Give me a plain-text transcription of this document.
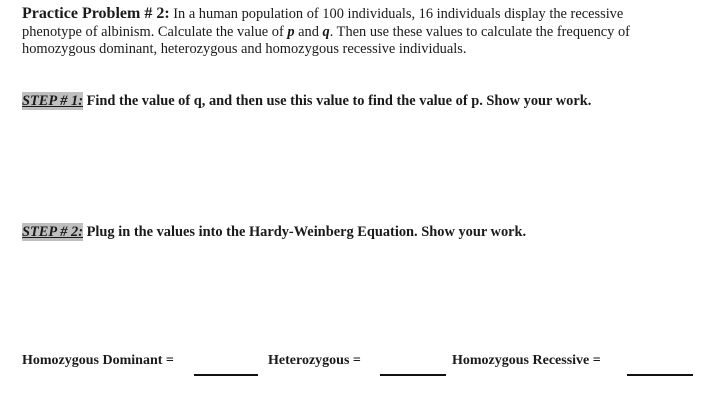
Practice Problem # 2: In a human population of 100 individuals, 16 individuals display the recessive phenotype of albinism. Calculate the value of p and q. Then use these values to calculate the frequency of homozygous dominant, heterozygous and homozygous recessive individuals.
STEP # 1: Find the value of q, and then use this value to find the value of p. Show your work.
STEP # 2: Plug in the values into the Hardy-Weinberg Equation. Show your work.
Homozygous Dominant =	Heterozygous =	Homozygous Recessive =
